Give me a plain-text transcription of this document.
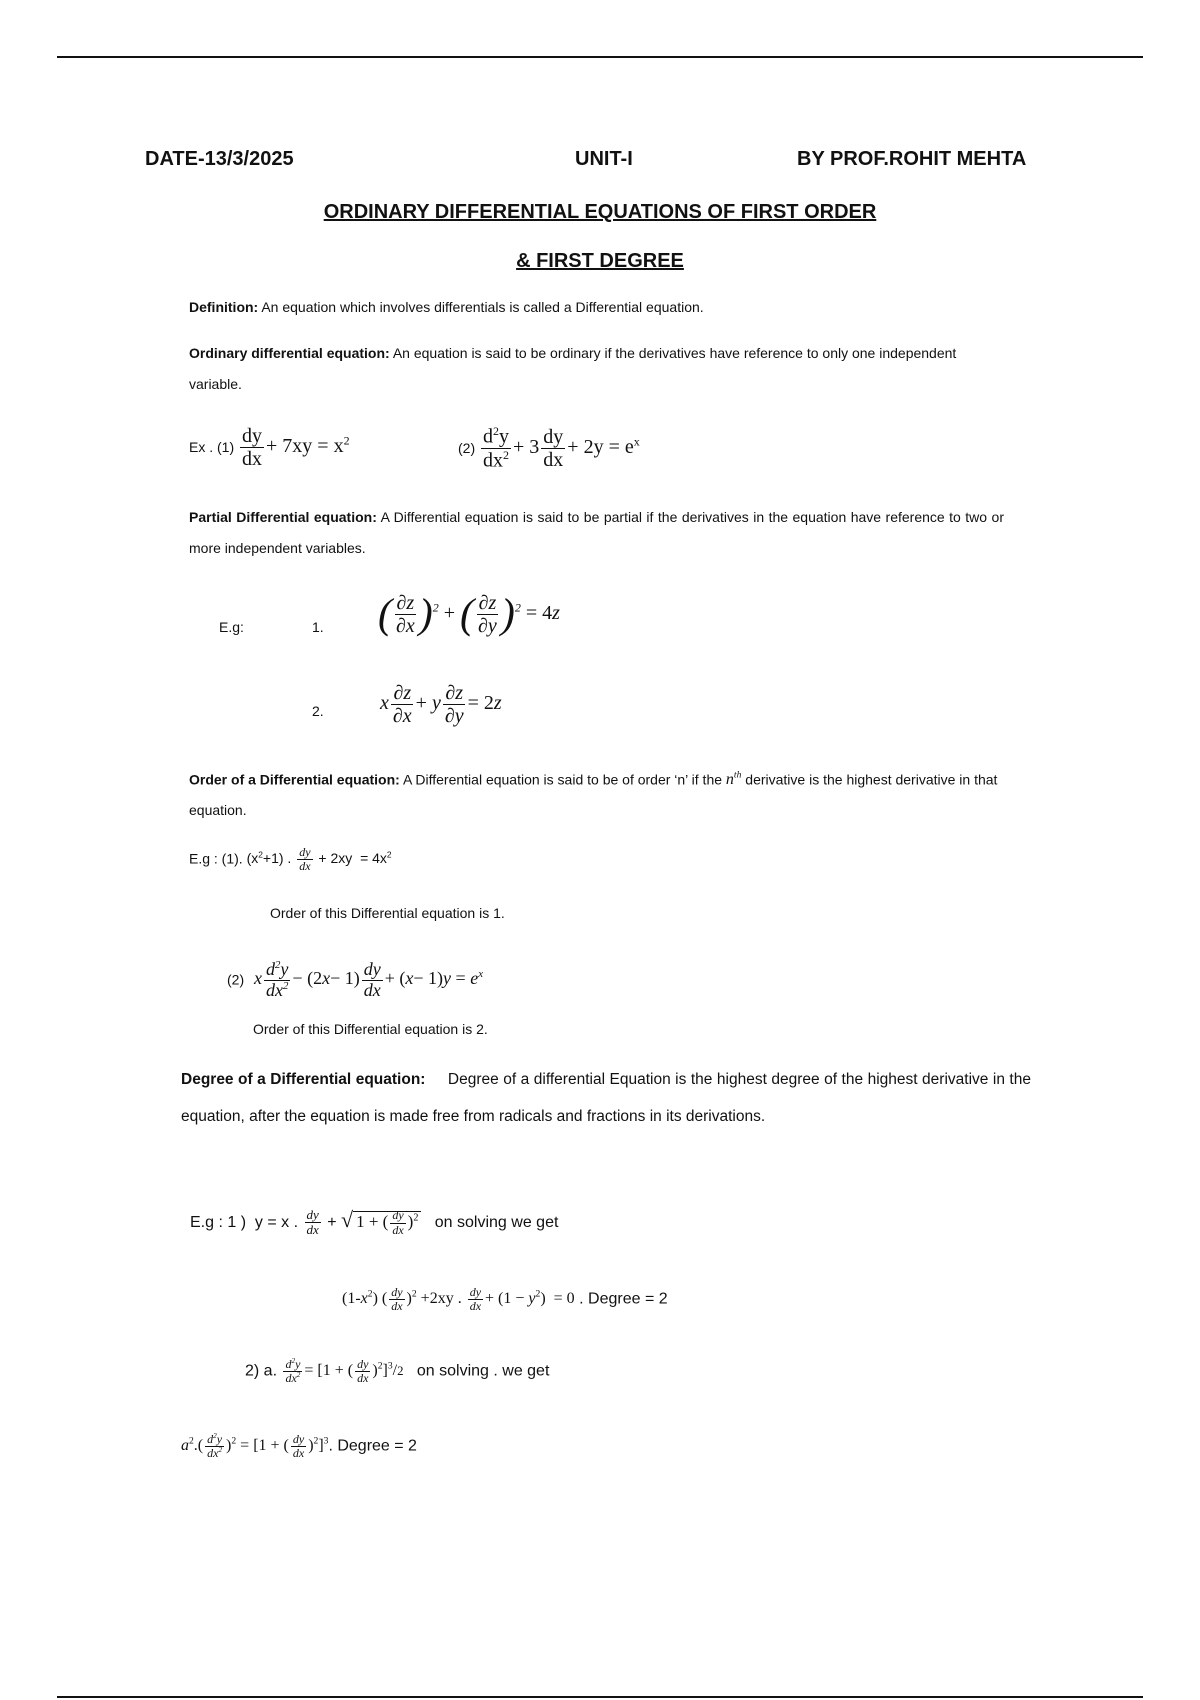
DATE-13/3/2025	UNIT-I	BY PROF.ROHIT MEHTA
ORDINARY DIFFERENTIAL EQUATIONS OF FIRST ORDER
& FIRST DEGREE
Definition: An equation which involves differentials is called a Differential equation.
Ordinary differential equation: An equation is said to be ordinary if the derivatives have reference to only one independent variable.
Ex . $(1) \frac{dy}{dx} + 7xy = x^2$	$(2) \frac{d^2y}{dx^2} + 3 \frac{dy}{dx} + 2y = e^x$
Partial Differential equation: A Differential equation is said to be partial if the derivatives in the equation have reference to two or more independent variables.
E.g:	1. ( $\frac{\partial z}{\partial x} )^2$ + ( $\frac{\partial z}{\partial y} )^2 = 4z$
2.	x $\frac{\partial z}{\partial x} + y \frac{\partial z}{\partial y} = 2z$
Order of a Differential equation: A Differential equation is said to be of order ‘n’ if the $n^{th}$ derivative is the highest derivative in that equation.
E.g : (1). $(x^2+1)$ . $\frac{dy}{dx} + 2xy = 4x^2$
Order of this Differential equation is 1.
(2) x $\frac{d^2y}{dx^2} - (2x- 1) \frac{dy}{dx} + (x- 1)y = e^x$
Order of this Differential equation is 2.
Degree of a Differential equation: Degree of a differential Equation is the highest degree of the highest derivative in the equation, after the equation is made free from radicals and fractions in its derivations.
E.g : 1 )  y = x . $\frac{dy}{dx}$ + √ 1 + ( $\frac{dy}{dx} )^2$ on solving we get
$(1-x^2)$ ( $\frac{dy}{dx} )^2 +2xy$ . $\frac{dy}{dx} + (1 - y^2) = 0$ . Degree = 2
2) a. $\frac{d^2y}{dx^2} = [1$ + ( $\frac{dy}{dx} )^2]^3/2$ on solving . we get
$a^2.( \frac{d^2y}{dx^2} )^2 = [1$ + ( $\frac{dy}{dx} )^2]^3$. Degree = 2
